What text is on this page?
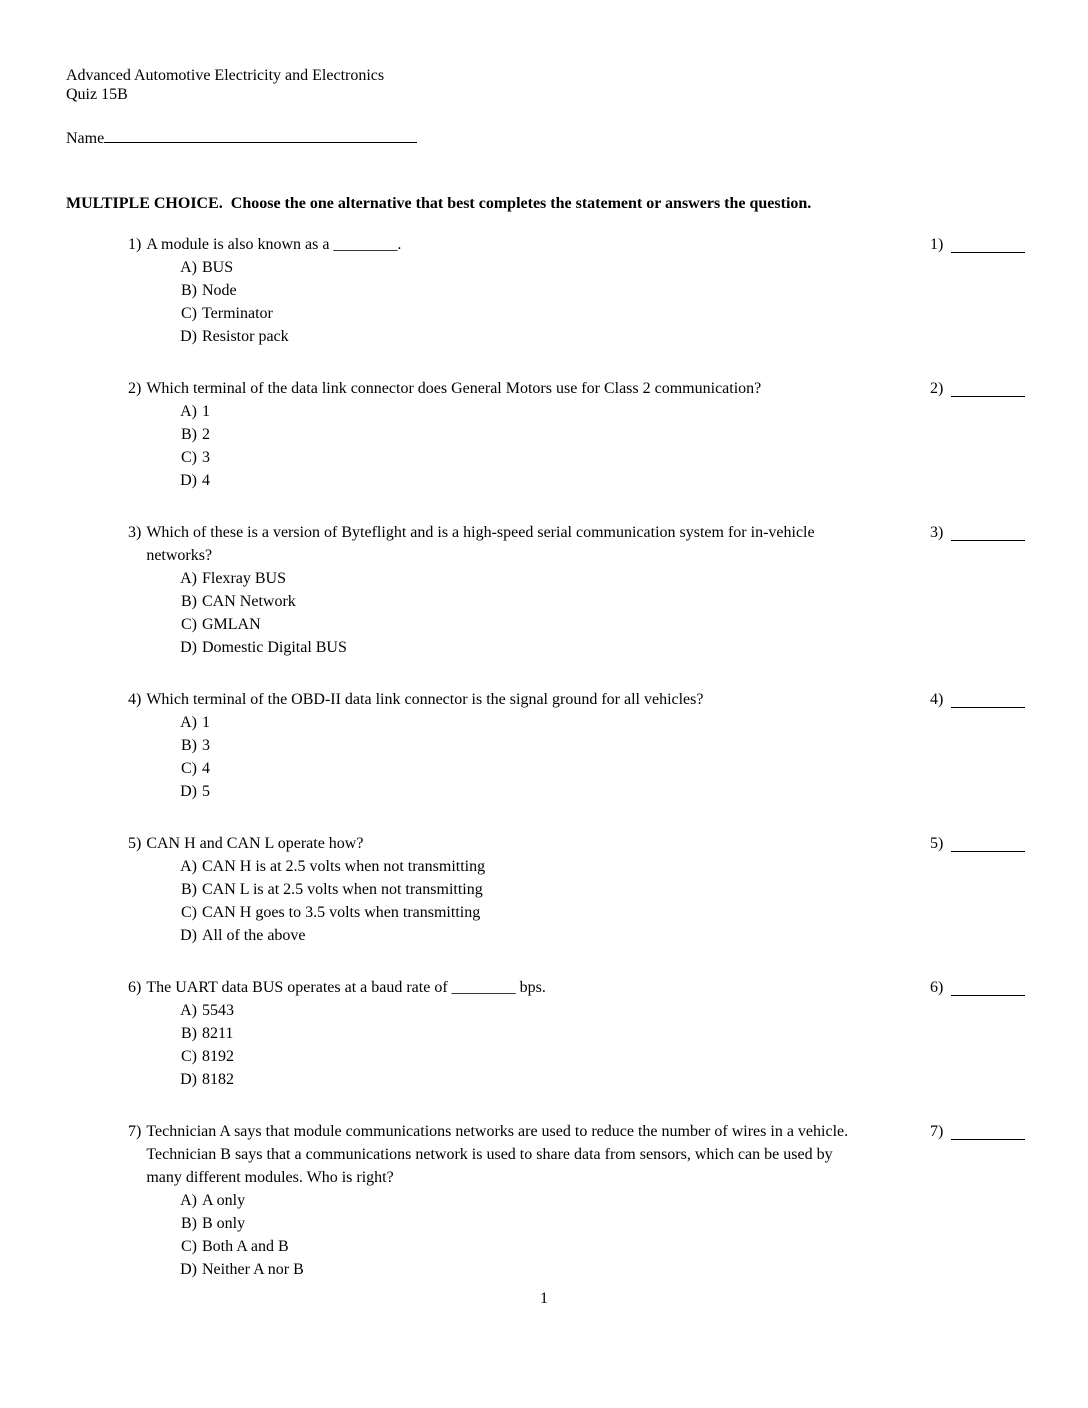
Advanced Automotive Electricity and Electronics
Quiz 15B
Name
MULTIPLE CHOICE.  Choose the one alternative that best completes the statement or answers the question.
1) A module is also known as a ________.
A) BUS
B) Node
C) Terminator
D) Resistor pack
1)
2) Which terminal of the data link connector does General Motors use for Class 2 communication?
A) 1
B) 2
C) 3
D) 4
2)
3) Which of these is a version of Byteflight and is a high-speed serial communication system for in-vehicle networks?
A) Flexray BUS
B) CAN Network
C) GMLAN
D) Domestic Digital BUS
3)
4) Which terminal of the OBD-II data link connector is the signal ground for all vehicles?
A) 1
B) 3
C) 4
D) 5
4)
5) CAN H and CAN L operate how?
A) CAN H is at 2.5 volts when not transmitting
B) CAN L is at 2.5 volts when not transmitting
C) CAN H goes to 3.5 volts when transmitting
D) All of the above
5)
6) The UART data BUS operates at a baud rate of ________ bps.
A) 5543
B) 8211
C) 8192
D) 8182
6)
7) Technician A says that module communications networks are used to reduce the number of wires in a vehicle. Technician B says that a communications network is used to share data from sensors, which can be used by many different modules. Who is right?
A) A only
B) B only
C) Both A and B
D) Neither A nor B
7)
1
